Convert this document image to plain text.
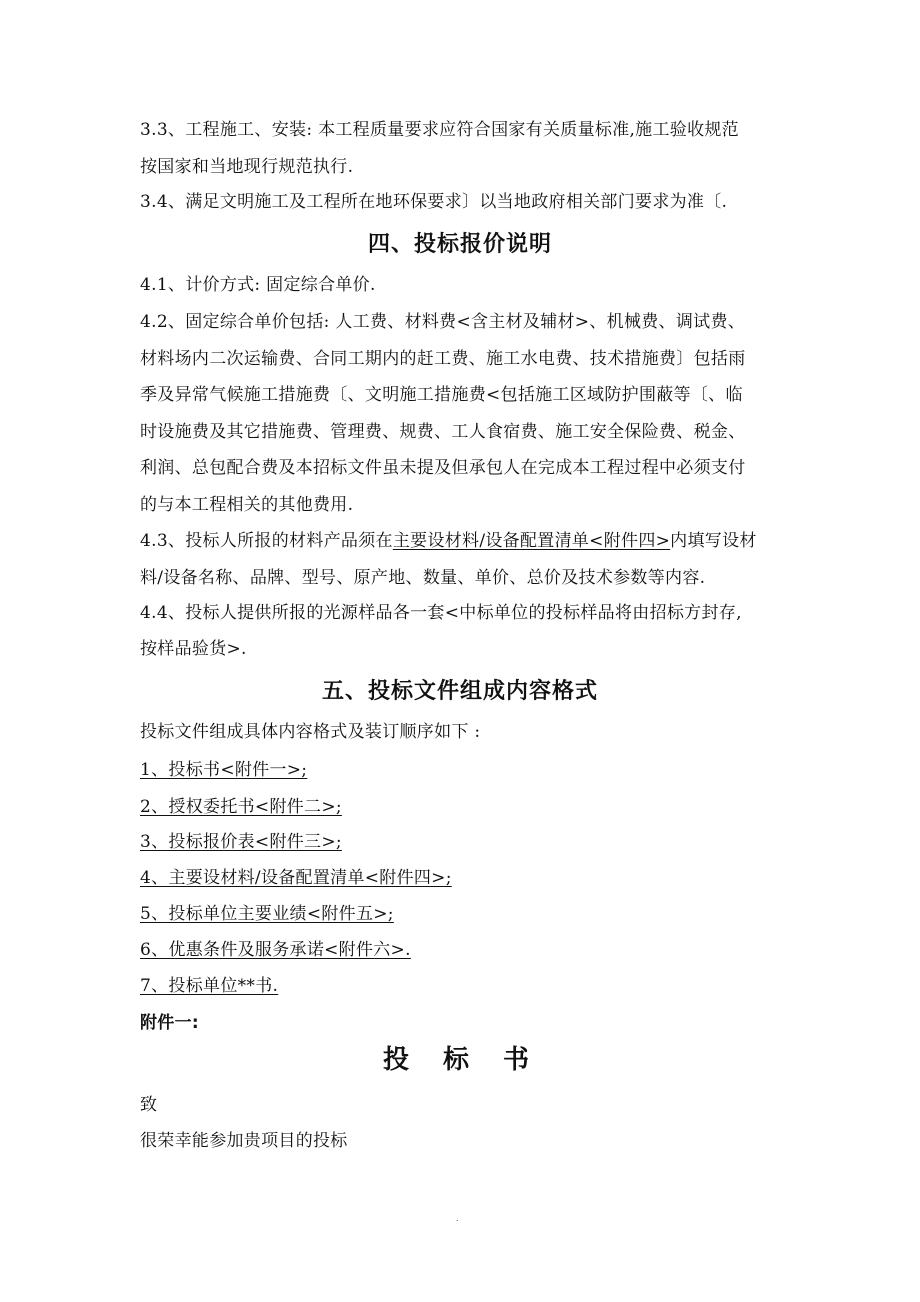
3.3、工程施工、安装: 本工程质量要求应符合国家有关质量标准,施工验收规范
按国家和当地现行规范执行.
3.4、满足文明施工及工程所在地环保要求〕以当地政府相关部门要求为准〔.
四、投标报价说明
4.1、计价方式: 固定综合单价.
4.2、固定综合单价包括: 人工费、材料费<含主材及辅材>、机械费、调试费、
材料场内二次运输费、合同工期内的赶工费、施工水电费、技术措施费〕包括雨
季及异常气候施工措施费〔、文明施工措施费<包括施工区域防护围蔽等〔、临
时设施费及其它措施费、管理费、规费、工人食宿费、施工安全保险费、税金、
利润、总包配合费及本招标文件虽未提及但承包人在完成本工程过程中必须支付
的与本工程相关的其他费用.
4.3、投标人所报的材料产品须在主要设材料/设备配置清单<附件四>内填写设材
料/设备名称、品牌、型号、原产地、数量、单价、总价及技术参数等内容.
4.4、投标人提供所报的光源样品各一套<中标单位的投标样品将由招标方封存,
按样品验货>.
五、投标文件组成内容格式
投标文件组成具体内容格式及装订顺序如下 :
1、投标书<附件一>;
2、授权委托书<附件二>;
3、投标报价表<附件三>;
4、主要设材料/设备配置清单<附件四>;
5、投标单位主要业绩<附件五>;
6、优惠条件及服务承诺<附件六>.
7、投标单位**书.
附件一:
投标书
致
很荣幸能参加贵项目的投标
.
